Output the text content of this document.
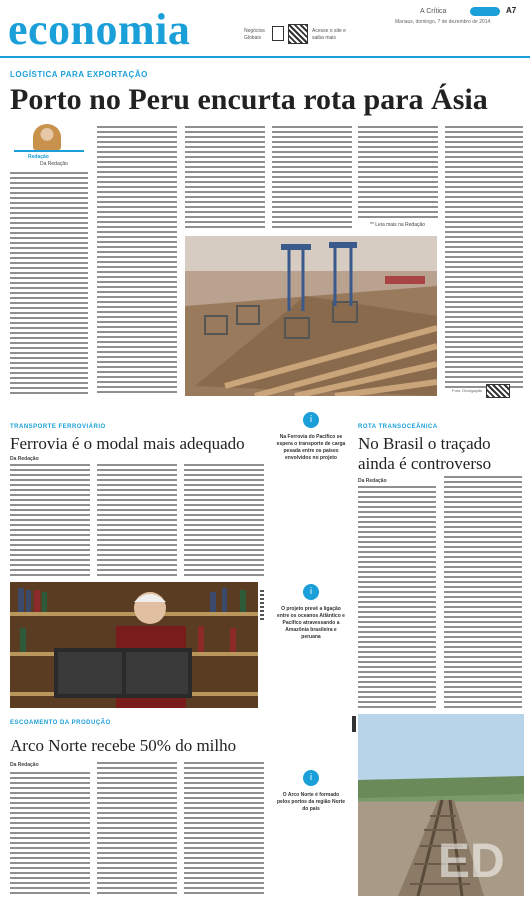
economia	Negócios Globais
Acesse o site e saiba mais
A Crítica
Manaus, domingo, 7 de dezembro de 2014
A7
LOGÍSTICA PARA EXPORTAÇÃO
Porto no Peru encurta rota para Ásia
Redação
Da Redação
** Leia mais na Redação
Foto: Divulgação
TRANSPORTE FERROVIÁRIO
Ferrovia é o modal mais adequado
Da Redação
i
Na Ferrovia do Pacífico se espera o transporte de carga pesada entre os países envolvidos no projeto
i
O projeto prevê a ligação entre os oceanos Atlântico e Pacífico atravessando a Amazônia brasileira e peruana
i
O Arco Norte é formado pelos portos da região Norte do país
ROTA TRANSOCEÂNICA
No Brasil o traçado
ainda é controverso
Da Redação
ESCOAMENTO DA PRODUÇÃO
Arco Norte recebe 50% do milho
Da Redação
ED
